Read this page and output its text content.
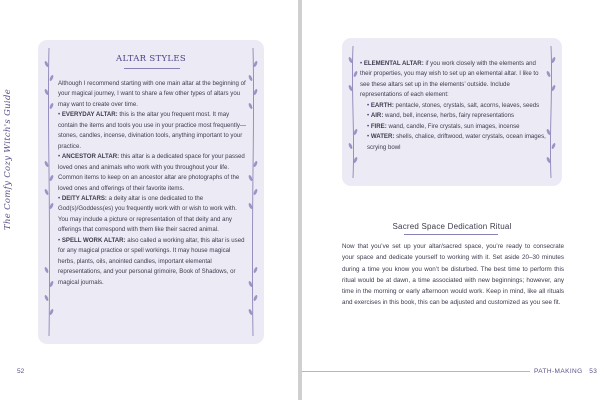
The Comfy Cozy Witch's Guide
ALTAR STYLES

Although I recommend starting with one main altar at the beginning of your magical journey, I want to share a few other types of altars you may want to create over time.

• EVERYDAY ALTAR: this is the altar you frequent most. It may contain the items and tools you use in your practice most frequently—stones, candles, incense, divination tools, anything important to your practice.

• ANCESTOR ALTAR: this altar is a dedicated space for your passed loved ones and animals who work with you throughout your life. Common items to keep on an ancestor altar are photographs of the loved ones and offerings of their favorite items.

• DEITY ALTARS: a deity altar is one dedicated to the God(s)/Goddess(es) you frequently work with or wish to work with. You may include a picture or representation of that deity and any offerings that correspond with them like their sacred animal.

• SPELL WORK ALTAR: also called a working altar, this altar is used for any magical practice or spell workings. It may house magical herbs, plants, oils, anointed candles, important elemental representations, and your personal grimoire, Book of Shadows, or magical journals.

52

• ELEMENTAL ALTAR: if you work closely with the elements and their properties, you may wish to set up an elemental altar. I like to see these altars set up in the elements’ outside. Include representations of each element:

• EARTH: pentacle, stones, crystals, salt, acorns, leaves, seeds

• AIR: wand, bell, incense, herbs, fairy representations

• FIRE: wand, candle, Fire crystals, sun images, incense

• WATER: shells, chalice, driftwood, water crystals, ocean images, scrying bowl

Sacred Space Dedication Ritual
Now that you’ve set up your altar/sacred space, you’re ready to consecrate your space and dedicate yourself to working with it. Set aside 20–30 minutes during a time you know you won’t be disturbed. The best time to perform this ritual would be at dawn, a time associated with new beginnings; however, any time in the morning or early afternoon would work. Keep in mind, like all rituals and exercises in this book, this can be adjusted and customized as you see fit.
PATH-MAKING 53
